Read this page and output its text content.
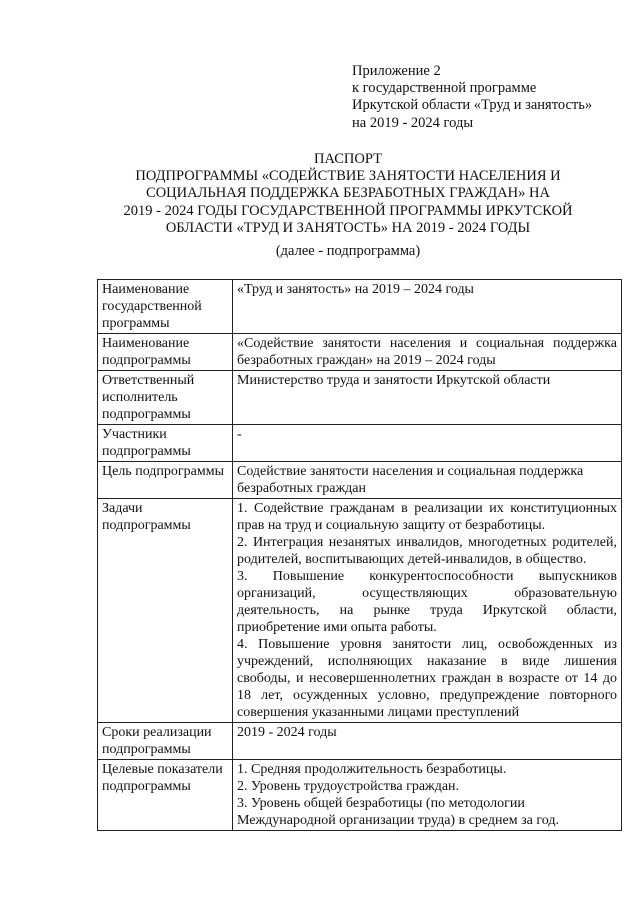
Приложение 2
к государственной программе
Иркутской области «Труд и занятость»
на 2019 - 2024 годы
ПАСПОРТ
ПОДПРОГРАММЫ «СОДЕЙСТВИЕ ЗАНЯТОСТИ НАСЕЛЕНИЯ И
СОЦИАЛЬНАЯ ПОДДЕРЖКА БЕЗРАБОТНЫХ ГРАЖДАН» НА
2019 - 2024 ГОДЫ ГОСУДАРСТВЕННОЙ ПРОГРАММЫ ИРКУТСКОЙ
ОБЛАСТИ «ТРУД И ЗАНЯТОСТЬ» НА 2019 - 2024 ГОДЫ
(далее - подпрограмма)
Наименование государственной программы	«Труд и занятость» на 2019 – 2024 годы
Наименование подпрограммы	«Содействие занятости населения и социальная поддержка безработных граждан» на 2019 – 2024 годы
Ответственный исполнитель подпрограммы	Министерство труда и занятости Иркутской области
Участники подпрограммы	-
Цель подпрограммы	Содействие занятости населения и социальная поддержка безработных граждан
Задачи подпрограммы	1. Содействие гражданам в реализации их конституционных прав на труд и социальную защиту от безработицы.

2. Интеграция незанятых инвалидов, многодетных родителей, родителей, воспитывающих детей-инвалидов, в общество.

3. Повышение конкурентоспособности выпускников организаций, осуществляющих образовательную деятельность, на рынке труда Иркутской области, приобретение ими опыта работы.

4. Повышение уровня занятости лиц, освобожденных из учреждений, исполняющих наказание в виде лишения свободы, и несовершеннолетних граждан в возрасте от 14 до 18 лет, осужденных условно, предупреждение повторного совершения указанными лицами преступлений

Сроки реализации подпрограммы	2019 - 2024 годы
Целевые показатели подпрограммы	1. Средняя продолжительность безработицы.
2. Уровень трудоустройства граждан.
3. Уровень общей безработицы (по методологии Международной организации труда) в среднем за год.
